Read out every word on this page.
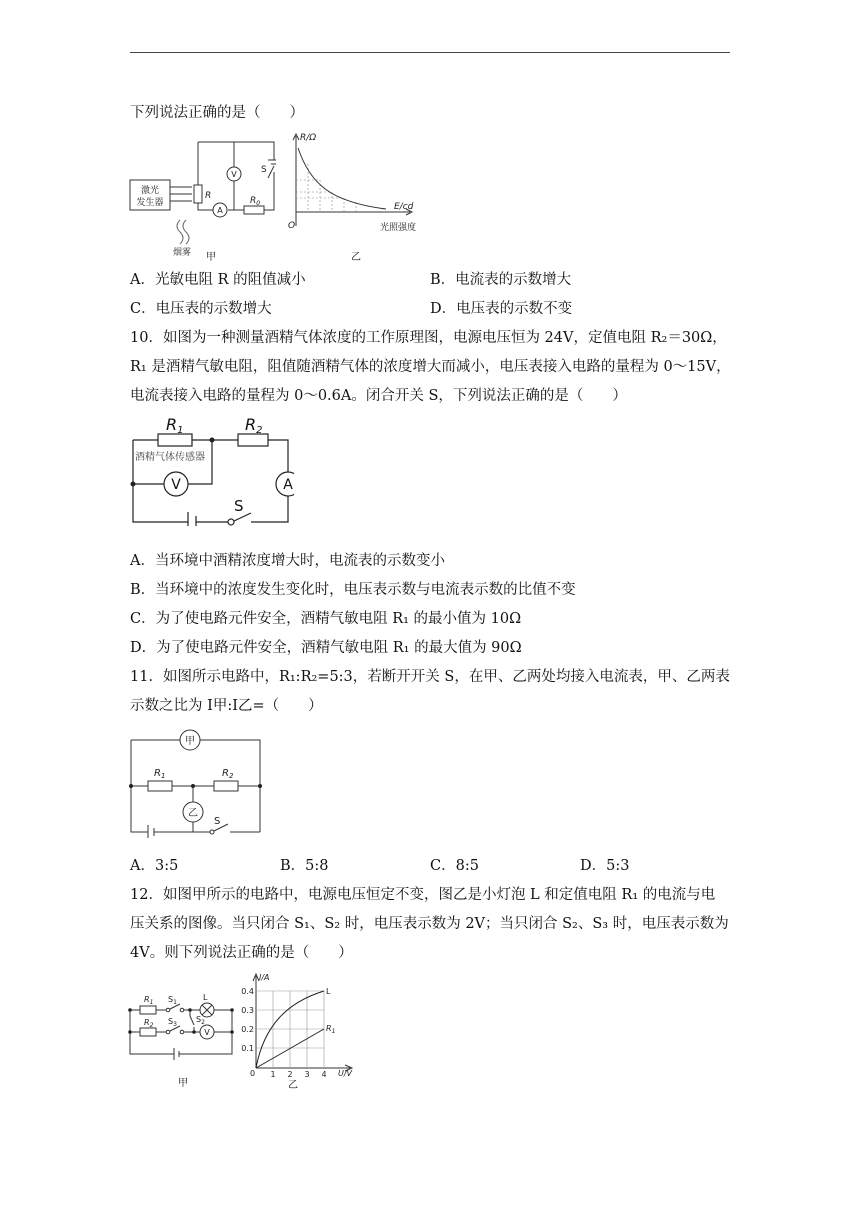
下列说法正确的是（　　）
激光
发生器
烟雾
R
V
A
S
$R_0$
甲
R/Ω
E/cd
O	光照强度
乙
A．光敏电阻 R 的阻值减小	B．电流表的示数增大
C．电压表的示数增大	D．电压表的示数不变
10．如图为一种测量酒精气体浓度的工作原理图，电源电压恒为 24V，定值电阻 R₂＝30Ω，
R₁ 是酒精气敏电阻，阻值随酒精气体的浓度增大而减小，电压表接入电路的量程为 0～15V，
电流表接入电路的量程为 0～0.6A。闭合开关 S，下列说法正确的是（　　）
R1	R2
酒精气体传感器
V	A
S
A．当环境中酒精浓度增大时，电流表的示数变小
B．当环境中的浓度发生变化时，电压表示数与电流表示数的比值不变
C．为了使电路元件安全，酒精气敏电阻 R₁ 的最小值为 10Ω
D．为了使电路元件安全，酒精气敏电阻 R₁ 的最大值为 90Ω
11．如图所示电路中，R₁:R₂=5:3，若断开开关 S，在甲、乙两处均接入电流表，甲、乙两表
示数之比为 I甲:I乙=（　　）
甲
乙
$R_1$	$R_2$
S
A．3:5	B．5:8	C．8:5	D．5:3
12．如图甲所示的电路中，电源电压恒定不变，图乙是小灯泡 L 和定值电阻 R₁ 的电流与电
压关系的图像。当只闭合 S₁、S₂ 时，电压表示数为 2V；当只闭合 S₂、S₃ 时，电压表示数为
4V。则下列说法正确的是（　　）
$R_1$
$R_2$
$S_1$
$S_3$
$S_2$
L
V
甲
I/A
U/V
0
0.4
0.3
0.2
0.1
1 2 3 4
L
$R_1$
乙
